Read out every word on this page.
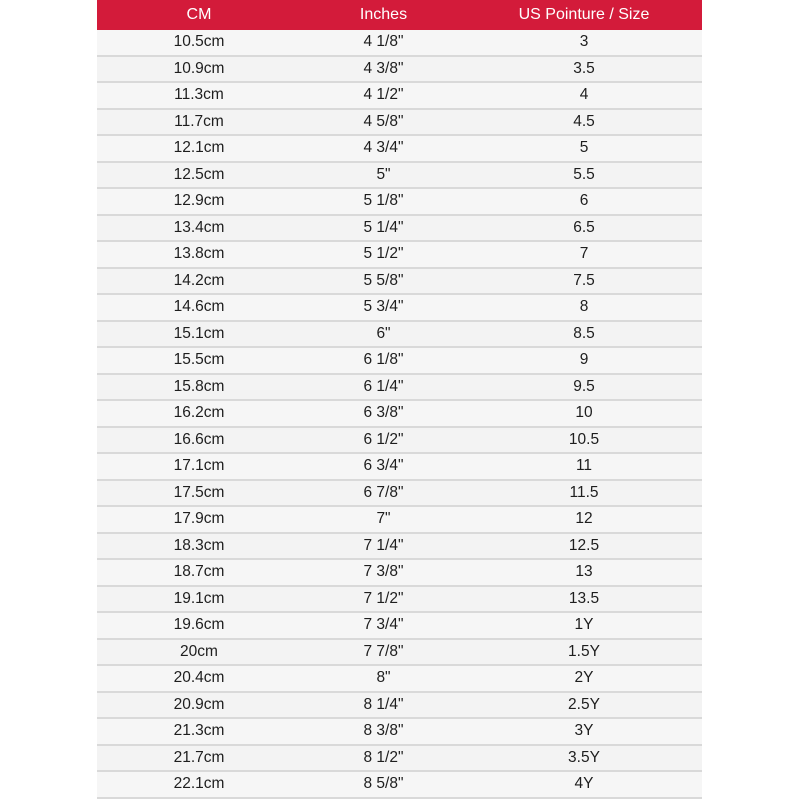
CM	Inches	US Pointure / Size
10.5cm	4 1/8"	3
10.9cm	4 3/8"	3.5
11.3cm	4 1/2"	4
11.7cm	4 5/8"	4.5
12.1cm	4 3/4"	5
12.5cm	5"	5.5
12.9cm	5 1/8"	6
13.4cm	5 1/4"	6.5
13.8cm	5 1/2"	7
14.2cm	5 5/8"	7.5
14.6cm	5 3/4"	8
15.1cm	6"	8.5
15.5cm	6 1/8"	9
15.8cm	6 1/4"	9.5
16.2cm	6 3/8"	10
16.6cm	6 1/2"	10.5
17.1cm	6 3/4"	11
17.5cm	6 7/8"	11.5
17.9cm	7"	12
18.3cm	7 1/4"	12.5
18.7cm	7 3/8"	13
19.1cm	7 1/2"	13.5
19.6cm	7 3/4"	1Y
20cm	7 7/8"	1.5Y
20.4cm	8"	2Y
20.9cm	8 1/4"	2.5Y
21.3cm	8 3/8"	3Y
21.7cm	8 1/2"	3.5Y
22.1cm	8 5/8"	4Y
